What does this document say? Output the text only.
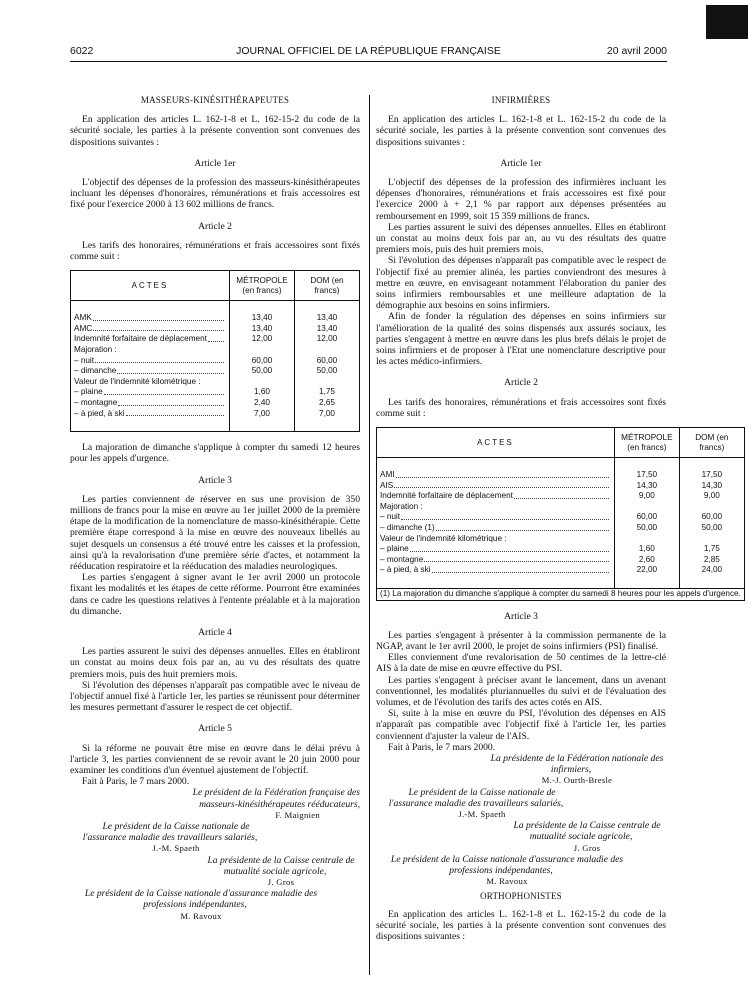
6022	JOURNAL OFFICIEL DE LA RÉPUBLIQUE FRANÇAISE	20 avril 2000
MASSEURS-KINÉSITHÉRAPEUTES

En application des articles L. 162-1-8 et L. 162-15-2 du code de la sécurité sociale, les parties à la présente convention sont convenues des dispositions suivantes :

Article 1er

L'objectif des dépenses de la profession des masseurs-kinésithérapeutes incluant les dépenses d'honoraires, rémunérations et frais accessoires est fixé pour l'exercice 2000 à 13 602 millions de francs.

Article 2

Les tarifs des honoraires, rémunérations et frais accessoires sont fixés comme suit :

ACTES	MÉTROPOLE (en francs)	DOM (en francs)

AMK	13,40	13,40

AMC	13,40	13,40

Indemnité forfaitaire de déplacement	12,00	12,00

Majoration :		

– nuit	60,00	60,00

– dimanche	50,00	50,00

Valeur de l'indemnité kilométrique :		

– plaine	1,60	1,75

– montagne	2,40	2,65

– à pied, à ski	7,00	7,00

La majoration de dimanche s'applique à compter du samedi 12 heures pour les appels d'urgence.

Article 3

Les parties conviennent de réserver en sus une provision de 350 millions de francs pour la mise en œuvre au 1er juillet 2000 de la première étape de la modification de la nomenclature de masso-kinésithérapie. Cette première étape correspond à la mise en œuvre des nouveaux libellés au sujet desquels un consensus a été trouvé entre les caisses et la profession, ainsi qu'à la revalorisation d'une première série d'actes, et notamment la rééducation respiratoire et la rééducation des maladies neurologiques.

Les parties s'engagent à signer avant le 1er avril 2000 un protocole fixant les modalités et les étapes de cette réforme. Pourront être examinées dans ce cadre les questions relatives à l'entente préalable et à la majoration du dimanche.

Article 4

Les parties assurent le suivi des dépenses annuelles. Elles en établiront un constat au moins deux fois par an, au vu des résultats des quatre premiers mois, puis des huit premiers mois.

Si l'évolution des dépenses n'apparaît pas compatible avec le niveau de l'objectif annuel fixé à l'article 1er, les parties se réunissent pour déterminer les mesures permettant d'assurer le respect de cet objectif.

Article 5

Si la réforme ne pouvait être mise en œuvre dans le délai prévu à l'article 3, les parties conviennent de se revoir avant le 20 juin 2000 pour examiner les conditions d'un éventuel ajustement de l'objectif.

Fait à Paris, le 7 mars 2000.

Le président de la Fédération française des masseurs-kinésithérapeutes rééducateurs,

F. Maignien

Le président de la Caisse nationale de l'assurance maladie des travailleurs salariés,

J.-M. Spaeth

La présidente de la Caisse centrale de mutualité sociale agricole,

J. Gros

Le président de la Caisse nationale d'assurance maladie des professions indépendantes,

M. Ravoux

INFIRMIÈRES

En application des articles L. 162-1-8 et L. 162-15-2 du code de la sécurité sociale, les parties à la présente convention sont convenues des dispositions suivantes :

Article 1er

L'objectif des dépenses de la profession des infirmières incluant les dépenses d'honoraires, rémunérations et frais accessoires est fixé pour l'exercice 2000 à + 2,1 % par rapport aux dépenses présentées au remboursement en 1999, soit 15 359 millions de francs.

Les parties assurent le suivi des dépenses annuelles. Elles en établiront un constat au moins deux fois par an, au vu des résultats des quatre premiers mois, puis des huit premiers mois.

Si l'évolution des dépenses n'apparaît pas compatible avec le respect de l'objectif fixé au premier alinéa, les parties conviendront des mesures à mettre en œuvre, en envisageant notamment l'élaboration du panier des soins infirmiers remboursables et une meilleure adaptation de la démographie aux besoins en soins infirmiers.

Afin de fonder la régulation des dépenses en soins infirmiers sur l'amélioration de la qualité des soins dispensés aux assurés sociaux, les parties s'engagent à mettre en œuvre dans les plus brefs délais le projet de soins infirmiers et de proposer à l'Etat une nomenclature descriptive pour les actes médico-infirmiers.

Article 2

Les tarifs des honoraires, rémunérations et frais accessoires sont fixés comme suit :

ACTES	MÉTROPOLE (en francs)	DOM (en francs)

AMI	17,50	17,50

AIS	14,30	14,30

Indemnité forfaitaire de déplacement	9,00	9,00

Majoration :		

– nuit	60,00	60,00

– dimanche (1)	50,00	50,00

Valeur de l'indemnité kilométrique :		

– plaine	1,60	1,75

– montagne	2,60	2,85

– à pied, à ski	22,00	24,00

(1) La majoration du dimanche s'applique à compter du samedi 8 heures pour les appels d'urgence.		
Article 3

Les parties s'engagent à présenter à la commission permanente de la NGAP, avant le 1er avril 2000, le projet de soins infirmiers (PSI) finalisé.

Elles conviennent d'une revalorisation de 50 centimes de la lettre-clé AIS à la date de mise en œuvre effective du PSI.

Les parties s'engagent à préciser avant le lancement, dans un avenant conventionnel, les modalités pluriannuelles du suivi et de l'évaluation des volumes, et de l'évolution des tarifs des actes cotés en AIS.

Si, suite à la mise en œuvre du PSI, l'évolution des dépenses en AIS n'apparaît pas compatible avec l'objectif fixé à l'article 1er, les parties conviennent d'ajuster la valeur de l'AIS.

Fait à Paris, le 7 mars 2000.

La présidente de la Fédération nationale des infirmiers,

M.-J. Ourth-Bresle

Le président de la Caisse nationale de l'assurance maladie des travailleurs salariés,

J.-M. Spaeth

La présidente de la Caisse centrale de mutualité sociale agricole,

J. Gros

Le président de la Caisse nationale d'assurance maladie des professions indépendantes,

M. Ravoux

ORTHOPHONISTES

En application des articles L. 162-1-8 et L. 162-15-2 du code de la sécurité sociale, les parties à la présente convention sont convenues des dispositions suivantes :
